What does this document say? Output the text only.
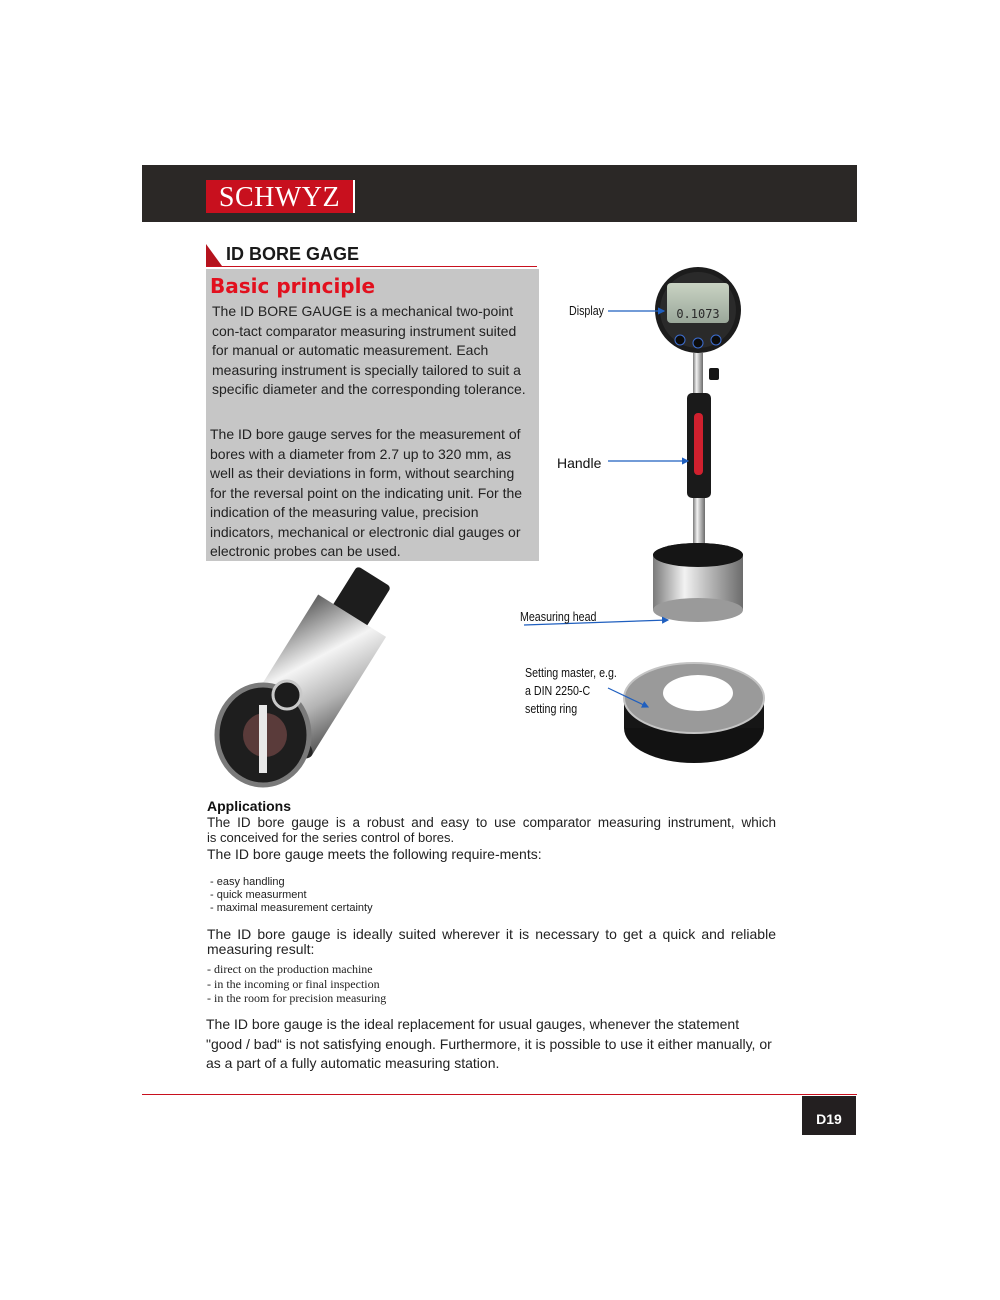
SCHWYZ
ID BORE GAGE
Basic principle
The ID BORE GAUGE is a mechanical two-point con-tact comparator measuring instrument suited for manual or automatic measurement. Each measuring instrument is specially tailored to suit a specific diameter and the corresponding tolerance.
The ID bore gauge serves for the measurement of bores with a diameter from 2.7 up to 320 mm, as well as their deviations in form, without searching for the reversal point on the indicating unit. For the indication of the measuring value, precision indicators, mechanical or electronic dial gauges or electronic probes can be used.
0.1073
Display
Handle
Measuring head
Setting master, e.g.
a DIN 2250-C
setting ring
Applications
The ID bore gauge is a robust and easy to use comparator measuring instrument, which
is conceived for the series control of bores.
The ID bore gauge meets the following require-ments:
- easy handling
- quick measurment
- maximal measurement certainty
The ID bore gauge is ideally suited wherever it is necessary to get a quick and reliable measuring result:
- direct on the production machine
- in the incoming or final inspection
- in the room for precision measuring
The ID bore gauge is the ideal replacement for usual gauges, whenever the statement "good / bad“ is not satisfying enough. Furthermore, it is possible to use it either manually, or as a part of a fully automatic measuring station.
D19
